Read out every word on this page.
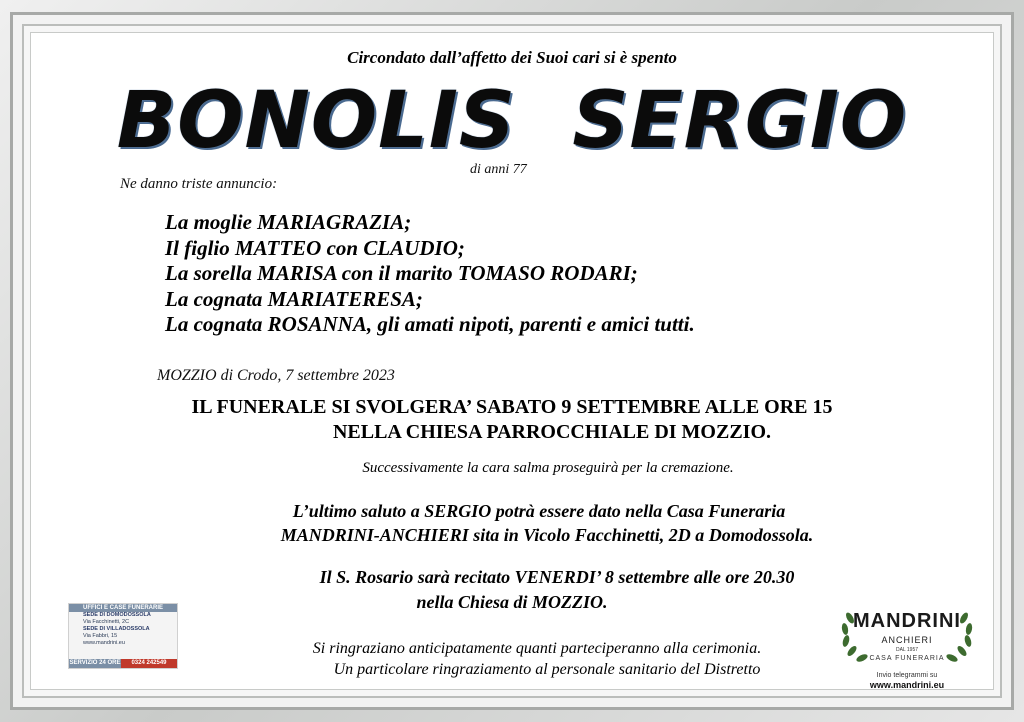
Circondato dall’affetto dei Suoi cari si è spento
BONOLIS SERGIO
di anni 77
Ne danno triste annuncio:
La moglie MARIAGRAZIA;
Il figlio MATTEO con CLAUDIO;
La sorella MARISA con il marito TOMASO RODARI;
La cognata MARIATERESA;
La cognata ROSANNA, gli amati nipoti, parenti e amici tutti.
MOZZIO di Crodo, 7 settembre 2023
IL FUNERALE SI SVOLGERA’ SABATO 9 SETTEMBRE ALLE ORE 15
NELLA CHIESA PARROCCHIALE DI MOZZIO.
Successivamente la cara salma proseguirà per la cremazione.
L’ultimo saluto a SERGIO potrà essere dato nella Casa Funeraria
MANDRINI-ANCHIERI sita in Vicolo Facchinetti, 2D a Domodossola.
Il S. Rosario sarà recitato VENERDI’ 8 settembre alle ore 20.30
nella Chiesa di MOZZIO.
Si ringraziano anticipatamente quanti parteciperanno alla cerimonia.
Un particolare ringraziamento al personale sanitario del Distretto
UFFICI E CASE FUNERARIE
SEDE DI DOMODOSSOLA
Via Facchinetti, 2C
SEDE DI VILLADOSSOLA
Via Fabbri, 15
www.mandrini.eu
SERVIZIO 24 ORE	0324 242549
MANDRINI
ANCHIERI
DAL 1957
CASA FUNERARIA
Invio telegrammi su
www.mandrini.eu
